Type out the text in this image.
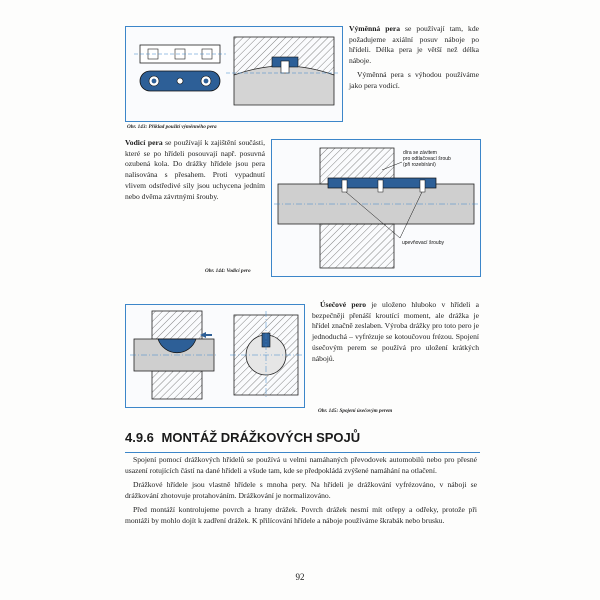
Obr. 143: Příklad použití výměnného pera

Výměnná pera se používají tam, kde požadujeme axiální posuv náboje po hřídeli. Délka pera je větší než délka náboje.

Výměnná pera s výhodou používáme jako pera vodicí.

Vodicí pera se používají k zajištění součásti, které se po hřídeli posouvají např. posuvná ozubená kola. Do drážky hřídele jsou pera nalisována s přesahem. Proti vypadnutí vlivem odstředivé síly jsou uchycena jedním nebo dvěma závrtnými šrouby.

díra se závitem
pro odtlačovací šroub
(při rozebírání)
upevňovací šrouby
Obr. 144: Vodicí pero
Obr. 145: Spojení úsečovým perem

Úsečové pero je uloženo hluboko v hřídeli a bezpečněji přenáší kroutící moment, ale drážka je hřídel značně zeslaben. Výroba drážky pro toto pero je jednoduchá – vyfrézuje se kotoučovou frézou. Spojení úsečovým perem se používá pro uložení krátkých nábojů.

4.9.6 MONTÁŽ DRÁŽKOVÝCH SPOJŮ

Spojení pomocí drážkových hřídelů se používá u velmi namáhaných převodovek automobilů nebo pro přesné usazení rotujících částí na dané hřídeli a všude tam, kde se předpokládá zvýšené namáhání na otlačení.

Drážkové hřídele jsou vlastně hřídele s mnoha pery. Na hřídeli je drážkování vyfrézováno, v náboji se drážkování zhotovuje protahováním. Drážkování je normalizováno.

Před montáží kontrolujeme povrch a hrany drážek. Povrch drážek nesmí mít otřepy a odřeky, protože při montáži by mohlo dojít k zadření drážek. K přilícování hřídele a náboje používáme škrabák nebo brusku.

92
